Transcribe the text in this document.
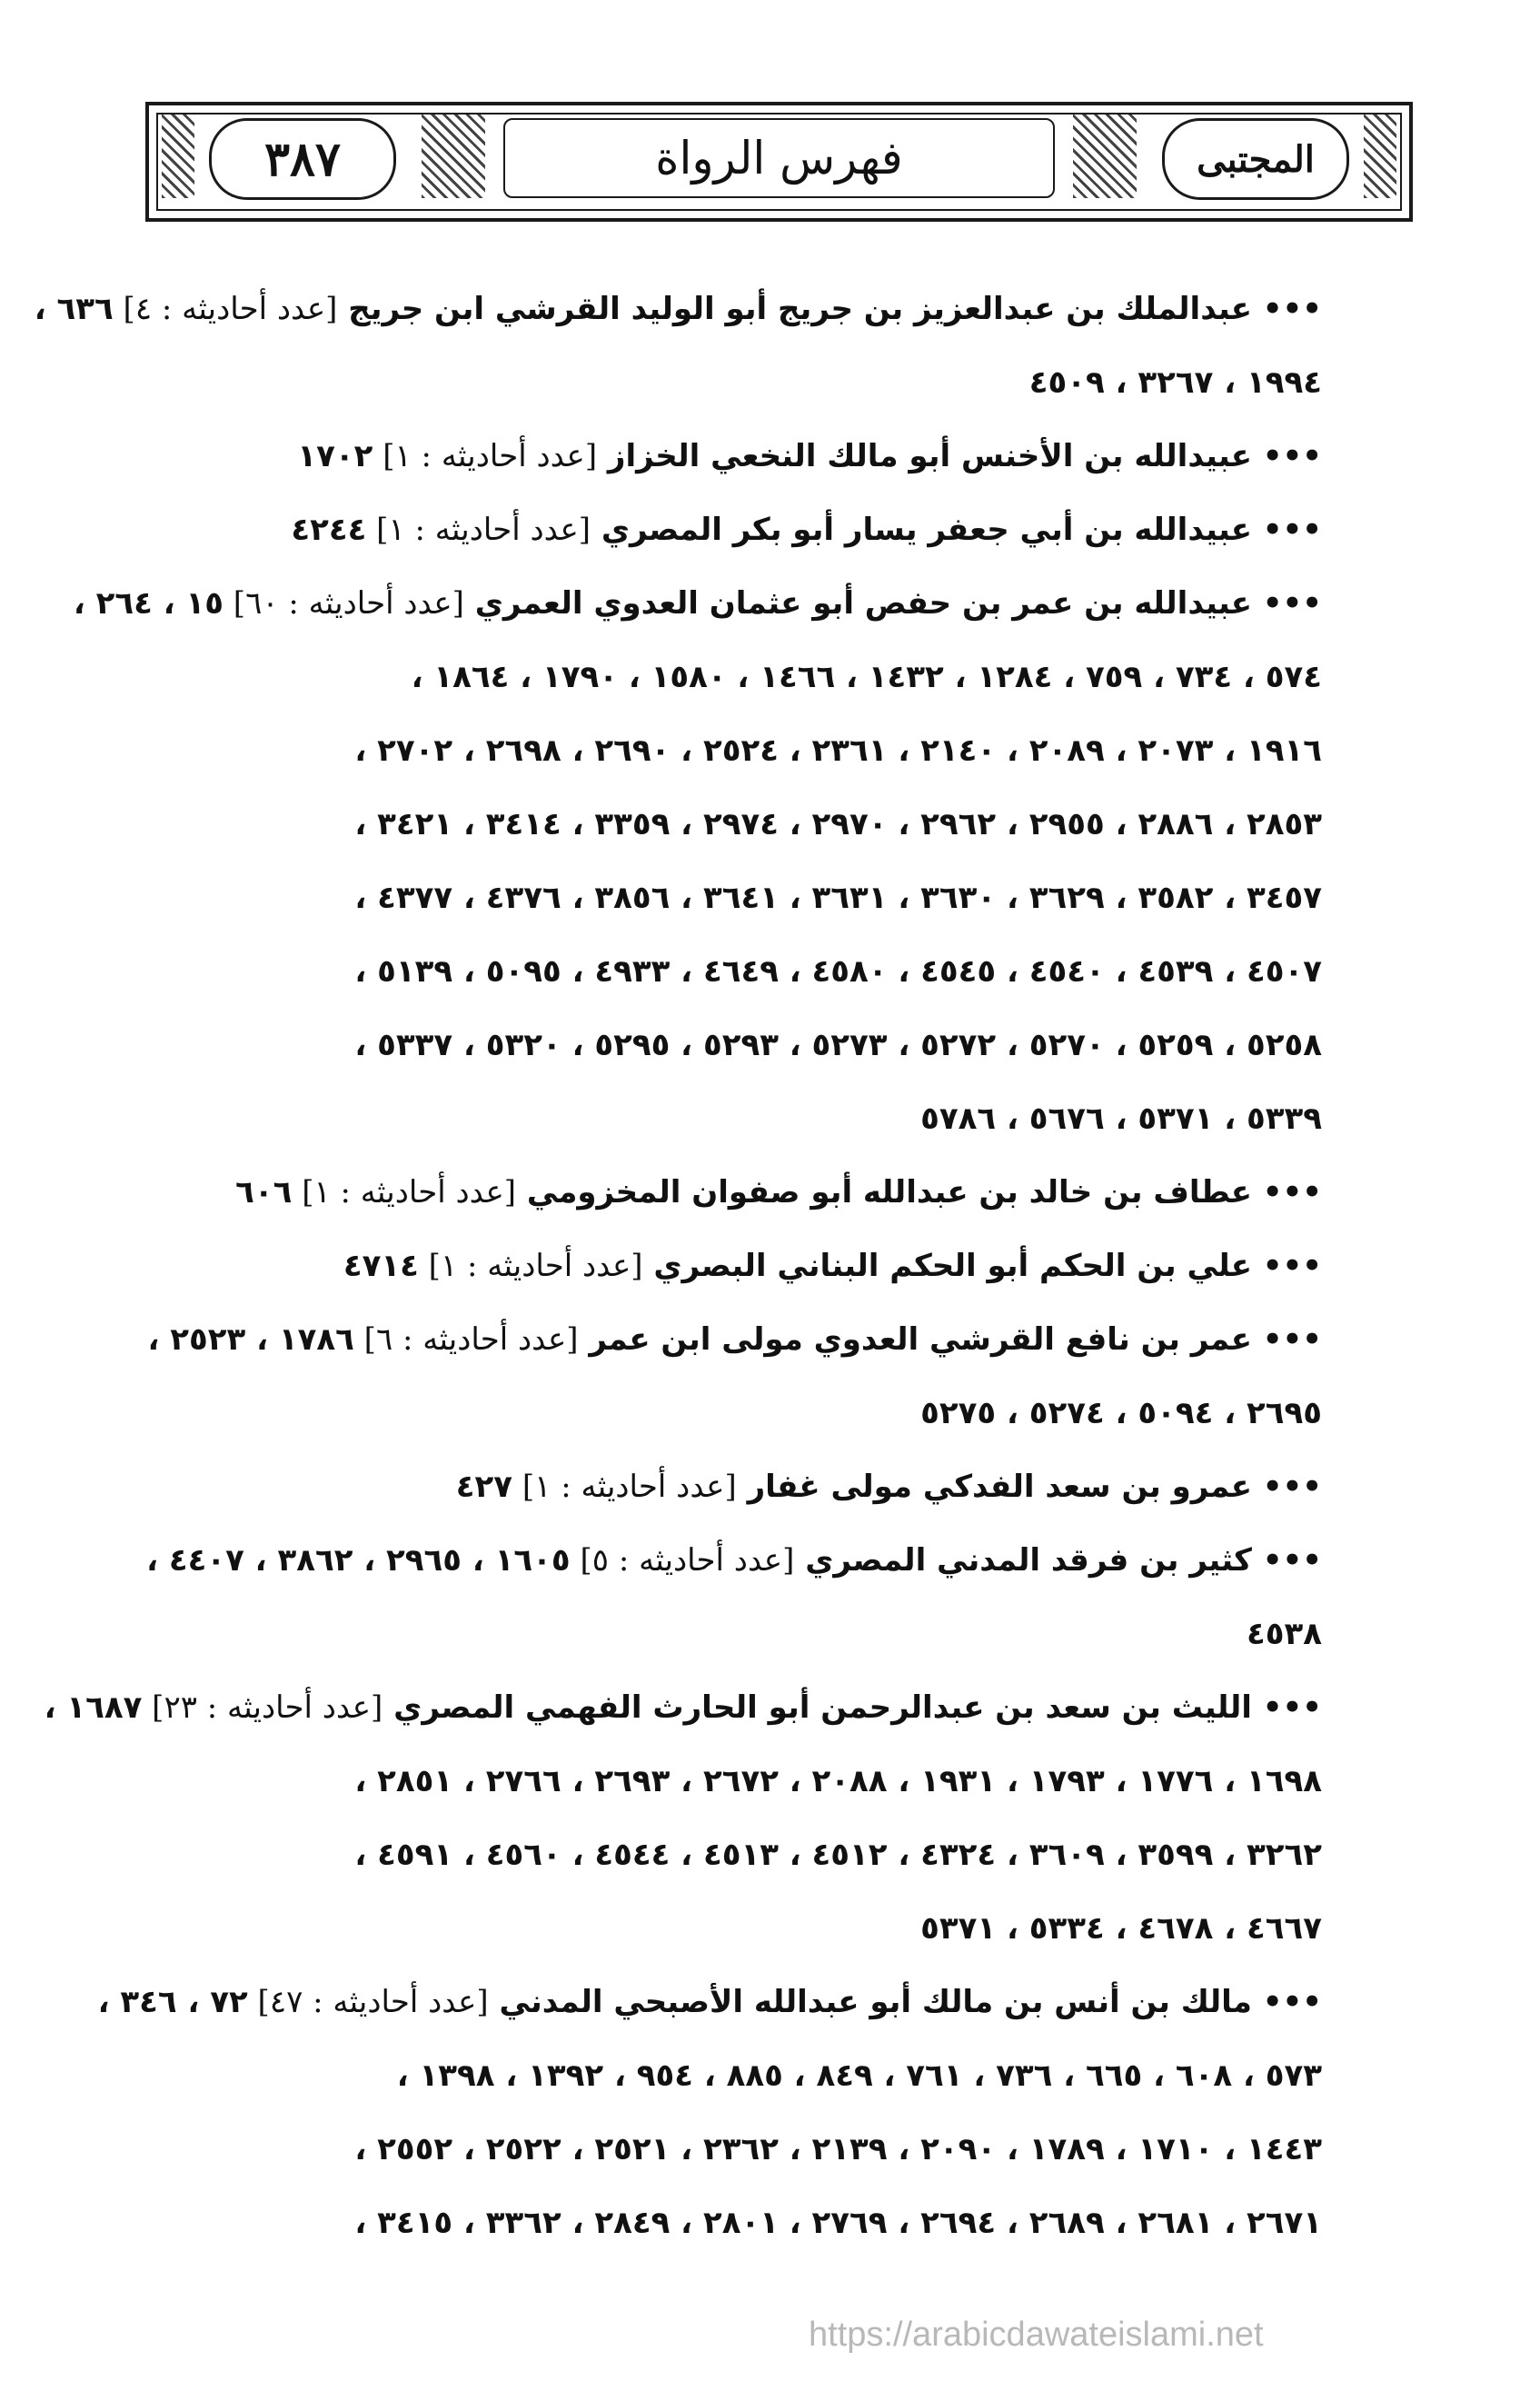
٣٨٧	فهرس الرواة	المجتبى
••• عبدالملك بن عبدالعزيز بن جريج أبو الوليد القرشي ابن جريج [عدد أحاديثه : ٤] ٦٣٦ ،
١٩٩٤ ، ٣٢٦٧ ، ٤٥٠٩
••• عبيدالله بن الأخنس أبو مالك النخعي الخزاز [عدد أحاديثه : ١] ١٧٠٢
••• عبيدالله بن أبي جعفر يسار أبو بكر المصري [عدد أحاديثه : ١] ٤٢٤٤
••• عبيدالله بن عمر بن حفص أبو عثمان العدوي العمري [عدد أحاديثه : ٦٠] ١٥ ، ٢٦٤ ،
٥٧٤ ، ٧٣٤ ، ٧٥٩ ، ١٢٨٤ ، ١٤٣٢ ، ١٤٦٦ ، ١٥٨٠ ، ١٧٩٠ ، ١٨٦٤ ،
١٩١٦ ، ٢٠٧٣ ، ٢٠٨٩ ، ٢١٤٠ ، ٢٣٦١ ، ٢٥٢٤ ، ٢٦٩٠ ، ٢٦٩٨ ، ٢٧٠٢ ،
٢٨٥٣ ، ٢٨٨٦ ، ٢٩٥٥ ، ٢٩٦٢ ، ٢٩٧٠ ، ٢٩٧٤ ، ٣٣٥٩ ، ٣٤١٤ ، ٣٤٢١ ،
٣٤٥٧ ، ٣٥٨٢ ، ٣٦٢٩ ، ٣٦٣٠ ، ٣٦٣١ ، ٣٦٤١ ، ٣٨٥٦ ، ٤٣٧٦ ، ٤٣٧٧ ،
٤٥٠٧ ، ٤٥٣٩ ، ٤٥٤٠ ، ٤٥٤٥ ، ٤٥٨٠ ، ٤٦٤٩ ، ٤٩٣٣ ، ٥٠٩٥ ، ٥١٣٩ ،
٥٢٥٨ ، ٥٢٥٩ ، ٥٢٧٠ ، ٥٢٧٢ ، ٥٢٧٣ ، ٥٢٩٣ ، ٥٢٩٥ ، ٥٣٢٠ ، ٥٣٣٧ ،
٥٣٣٩ ، ٥٣٧١ ، ٥٦٧٦ ، ٥٧٨٦
••• عطاف بن خالد بن عبدالله أبو صفوان المخزومي [عدد أحاديثه : ١] ٦٠٦
••• علي بن الحكم أبو الحكم البناني البصري [عدد أحاديثه : ١] ٤٧١٤
••• عمر بن نافع القرشي العدوي مولى ابن عمر [عدد أحاديثه : ٦] ١٧٨٦ ، ٢٥٢٣ ،
٢٦٩٥ ، ٥٠٩٤ ، ٥٢٧٤ ، ٥٢٧٥
••• عمرو بن سعد الفدكي مولى غفار [عدد أحاديثه : ١] ٤٢٧
••• كثير بن فرقد المدني المصري [عدد أحاديثه : ٥] ١٦٠٥ ، ٢٩٦٥ ، ٣٨٦٢ ، ٤٤٠٧ ،
٤٥٣٨
••• الليث بن سعد بن عبدالرحمن أبو الحارث الفهمي المصري [عدد أحاديثه : ٢٣] ١٦٨٧ ،
١٦٩٨ ، ١٧٧٦ ، ١٧٩٣ ، ١٩٣١ ، ٢٠٨٨ ، ٢٦٧٢ ، ٢٦٩٣ ، ٢٧٦٦ ، ٢٨٥١ ،
٣٢٦٢ ، ٣٥٩٩ ، ٣٦٠٩ ، ٤٣٢٤ ، ٤٥١٢ ، ٤٥١٣ ، ٤٥٤٤ ، ٤٥٦٠ ، ٤٥٩١ ،
٤٦٦٧ ، ٤٦٧٨ ، ٥٣٣٤ ، ٥٣٧١
••• مالك بن أنس بن مالك أبو عبدالله الأصبحي المدني [عدد أحاديثه : ٤٧] ٧٢ ، ٣٤٦ ،
٥٧٣ ، ٦٠٨ ، ٦٦٥ ، ٧٣٦ ، ٧٦١ ، ٨٤٩ ، ٨٨٥ ، ٩٥٤ ، ١٣٩٢ ، ١٣٩٨ ،
١٤٤٣ ، ١٧١٠ ، ١٧٨٩ ، ٢٠٩٠ ، ٢١٣٩ ، ٢٣٦٢ ، ٢٥٢١ ، ٢٥٢٢ ، ٢٥٥٢ ،
٢٦٧١ ، ٢٦٨١ ، ٢٦٨٩ ، ٢٦٩٤ ، ٢٧٦٩ ، ٢٨٠١ ، ٢٨٤٩ ، ٣٣٦٢ ، ٣٤١٥ ،
https://arabicdawateislami.net
